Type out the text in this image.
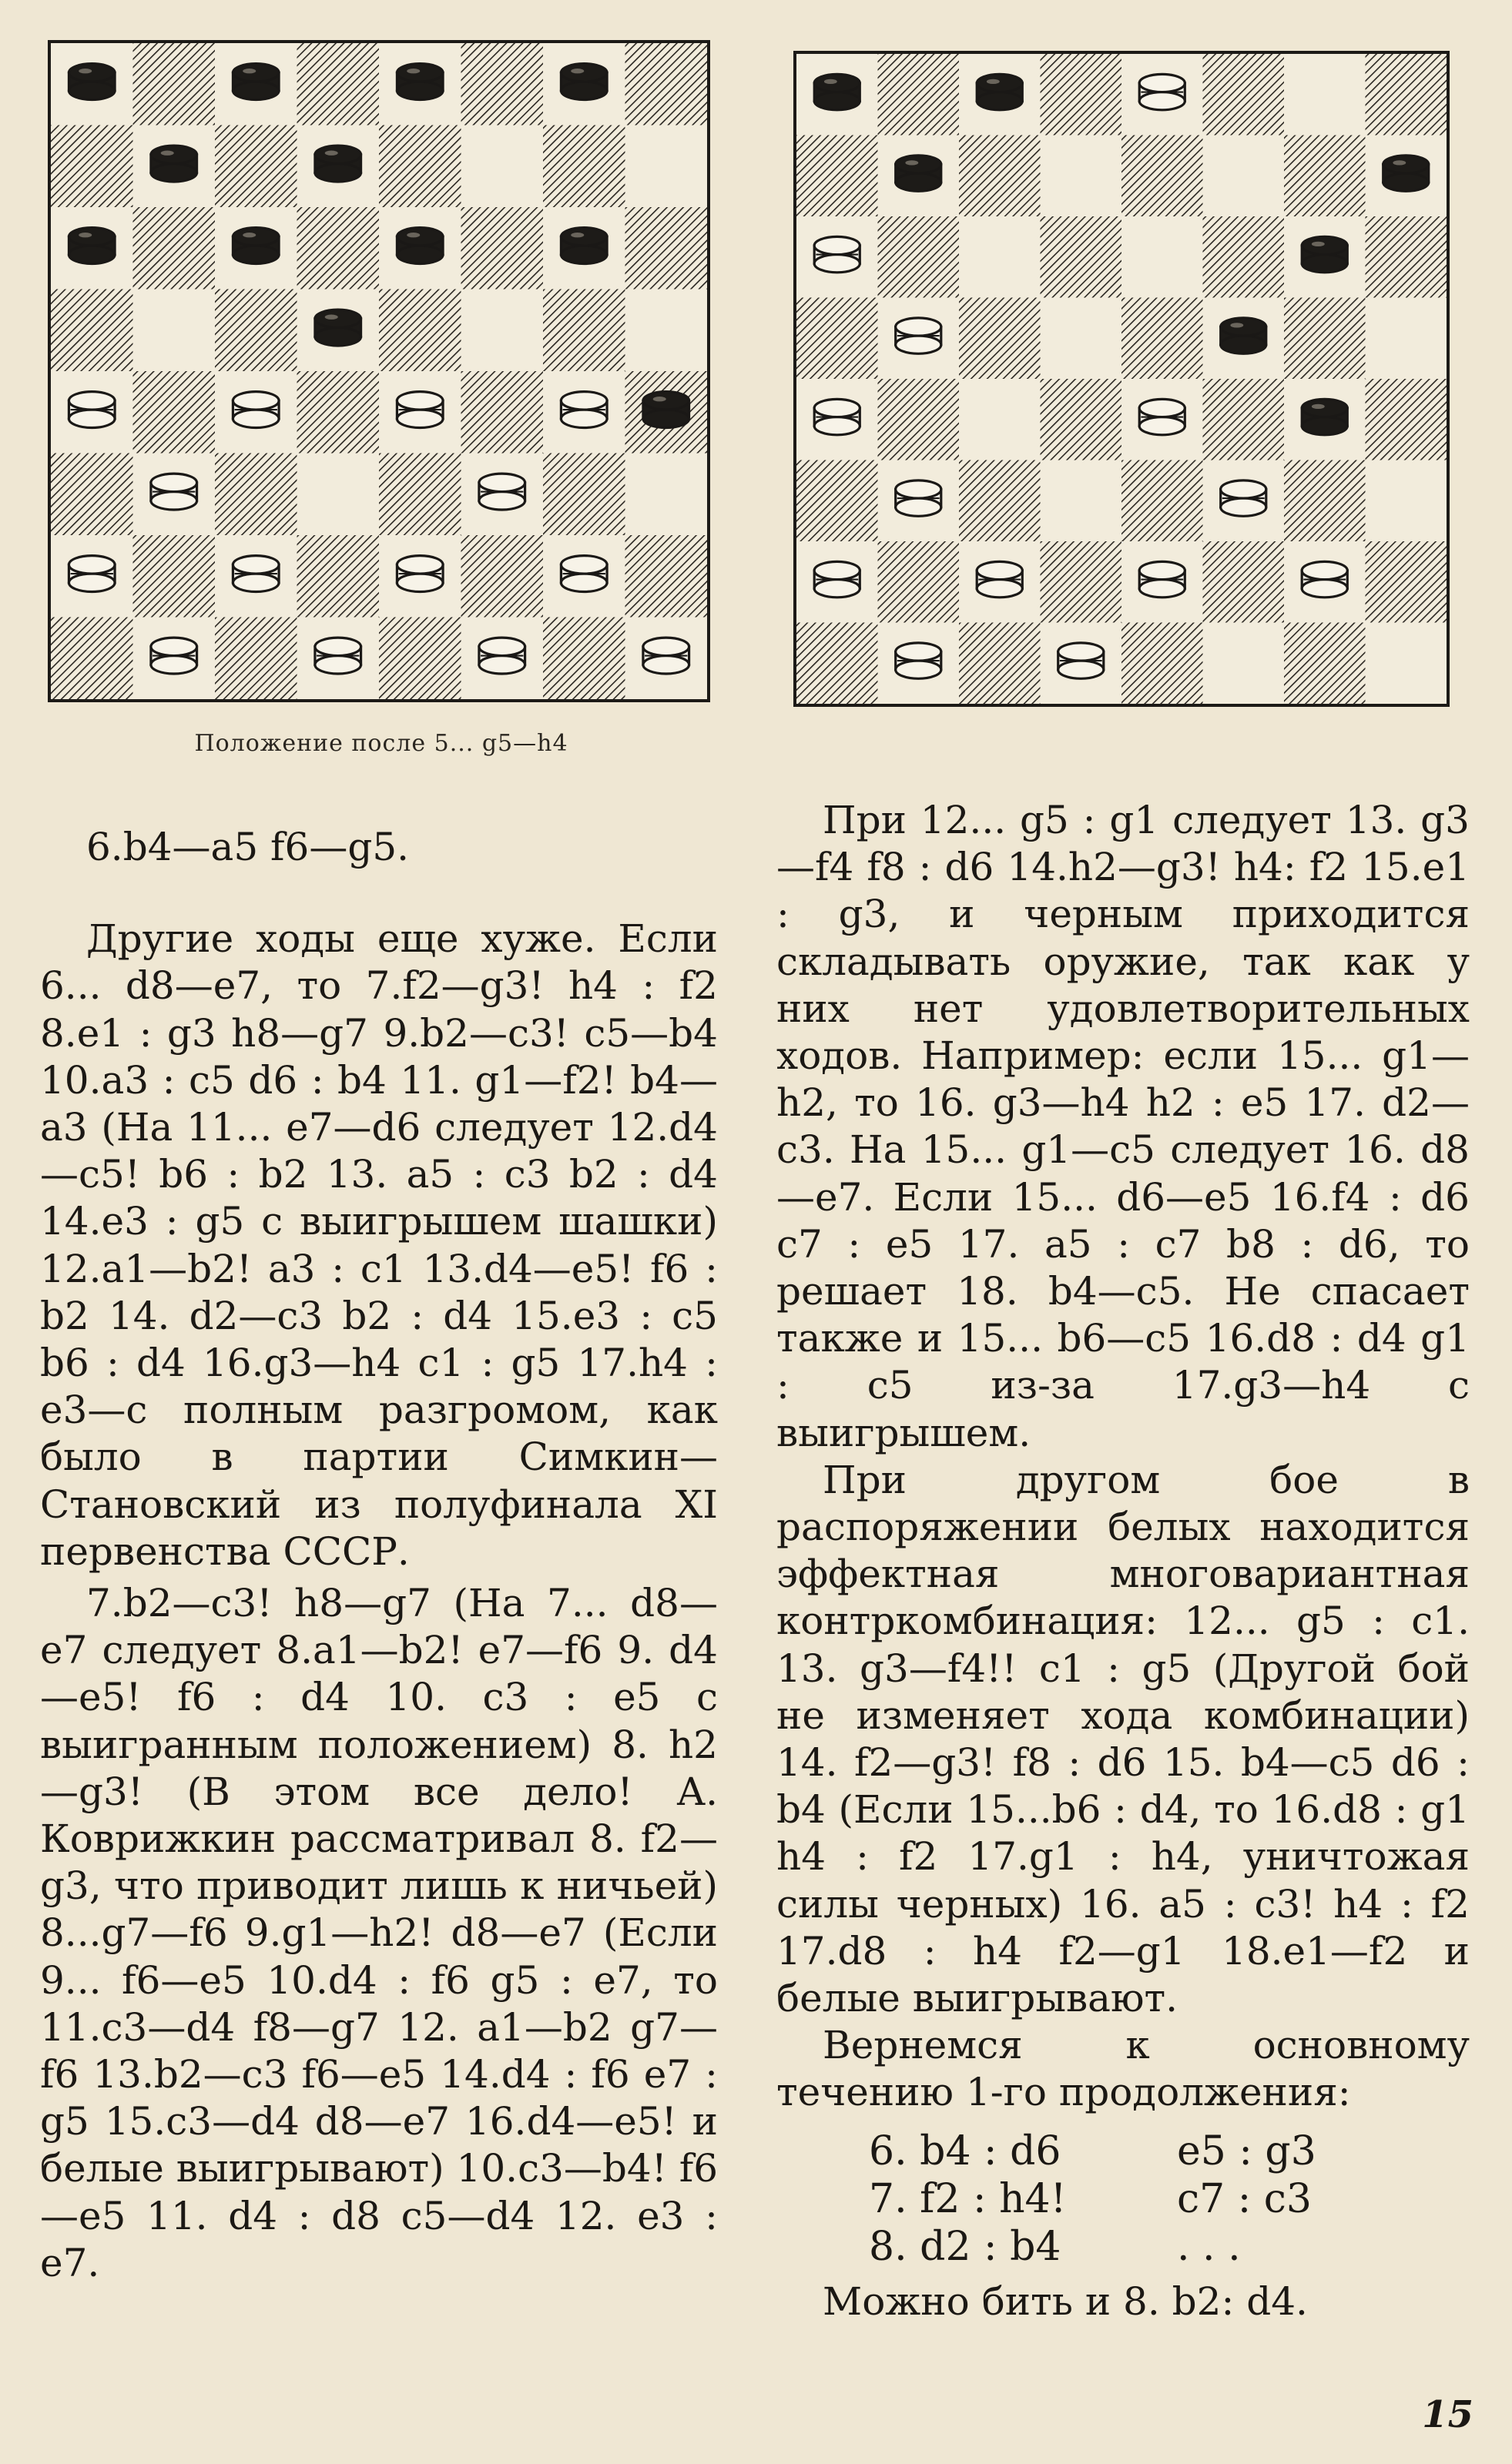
Положение после 5... g5—h4

6.b4—a5 f6—g5.

Другие ходы еще хуже. Если 6... d8—e7, то 7.f2—g3! h4 : f2 8.e1 : g3 h8—g7 9.b2—c3! c5—b4 10.a3 : c5 d6 : b4 11. g1—f2! b4—a3 (На 11... e7—d6 следует 12.d4—c5! b6 : b2 13. a5 : c3 b2 : d4 14.e3 : g5 с выигрышем шашки) 12.a1—b2! a3 : c1 13.d4—e5! f6 : b2 14. d2—c3 b2 : d4 15.e3 : c5 b6 : d4 16.g3—h4 c1 : g5 17.h4 : e3—с полным разгромом, как было в партии Симкин—Становский из полуфинала XI первенства СССР.

7.b2—c3! h8—g7 (На 7... d8—e7 следует 8.a1—b2! e7—f6 9. d4—e5! f6 : d4 10. c3 : e5 с выигранным положением) 8. h2—g3! (В этом все дело! А. Коврижкин рассматривал 8. f2—g3, что приводит лишь к ничьей) 8...g7—f6 9.g1—h2! d8—e7 (Если 9... f6—e5 10.d4 : f6 g5 : e7, то 11.c3—d4 f8—g7 12. a1—b2 g7—f6 13.b2—c3 f6—e5 14.d4 : f6 e7 : g5 15.c3—d4 d8—e7 16.d4—e5! и белые выигрывают) 10.c3—b4! f6—e5 11. d4 : d8 c5—d4 12. e3 : e7.

При 12... g5 : g1 следует 13. g3—f4 f8 : d6 14.h2—g3! h4: f2 15.e1 : g3, и черным приходится складывать оружие, так как у них нет удовлетворительных ходов. Например: если 15... g1—h2, то 16. g3—h4 h2 : e5 17. d2—c3. На 15... g1—c5 следует 16. d8—e7. Если 15... d6—e5 16.f4 : d6 c7 : e5 17. a5 : c7 b8 : d6, то решает 18. b4—c5. Не спасает также и 15... b6—c5 16.d8 : d4 g1 : c5 из-за 17.g3—h4 с выигрышем.

При другом бое в распоряжении белых находится эффектная многовариантная контркомбинация: 12... g5 : c1. 13. g3—f4!! c1 : g5 (Другой бой не изменяет хода комбинации) 14. f2—g3! f8 : d6 15. b4—c5 d6 : b4 (Если 15...b6 : d4, то 16.d8 : g1 h4 : f2 17.g1 : h4, уничтожая силы черных) 16. a5 : c3! h4 : f2 17.d8 : h4 f2—g1 18.e1—f2 и белые выигрывают.

Вернемся к основному течению 1-го продолжения:

6. b4 : d6	e5 : g3
7. f2 : h4!	c7 : c3
8. d2 : b4	. . .

Можно бить и 8. b2: d4.

15
